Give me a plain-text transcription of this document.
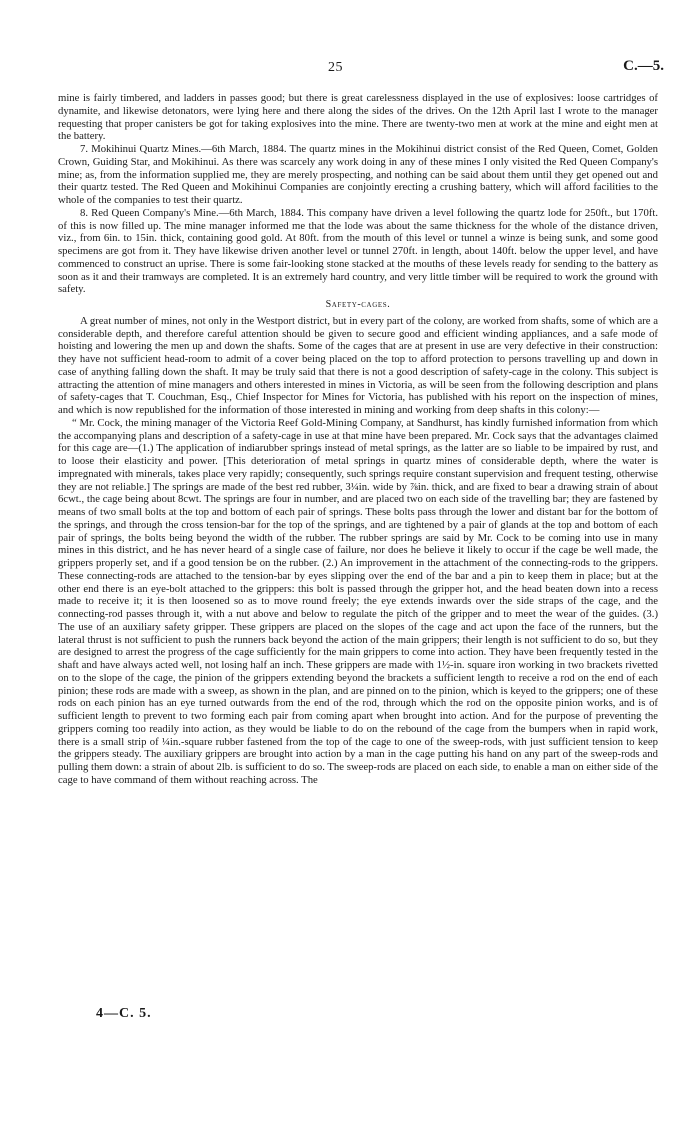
25	C.—5.

mine is fairly timbered, and ladders in passes good; but there is great carelessness displayed in the use of explosives: loose cartridges of dynamite, and likewise detonators, were lying here and there along the sides of the drives. On the 12th April last I wrote to the manager requesting that proper canisters be got for taking explosives into the mine. There are twenty-two men at work at the mine and eight men at the battery.

7. Mokihinui Quartz Mines.—6th March, 1884. The quartz mines in the Mokihinui district consist of the Red Queen, Comet, Golden Crown, Guiding Star, and Mokihinui. As there was scarcely any work doing in any of these mines I only visited the Red Queen Company's mine; as, from the information supplied me, they are merely prospecting, and nothing can be said about them until they get opened out and their quartz tested. The Red Queen and Mokihinui Companies are conjointly erecting a crushing battery, which will afford facilities to the whole of the companies to test their quartz.

8. Red Queen Company's Mine.—6th March, 1884. This company have driven a level following the quartz lode for 250ft., but 170ft. of this is now filled up. The mine manager informed me that the lode was about the same thickness for the whole of the distance driven, viz., from 6in. to 15in. thick, containing good gold. At 80ft. from the mouth of this level or tunnel a winze is being sunk, and some good specimens are got from it. They have likewise driven another level or tunnel 270ft. in length, about 140ft. below the upper level, and have commenced to construct an uprise. There is some fair-looking stone stacked at the mouths of these levels ready for sending to the battery as soon as it and their tramways are completed. It is an extremely hard country, and very little timber will be required to work the ground with safety.

Safety-cages.

A great number of mines, not only in the Westport district, but in every part of the colony, are worked from shafts, some of which are a considerable depth, and therefore careful attention should be given to secure good and efficient winding appliances, and a safe mode of hoisting and lowering the men up and down the shafts. Some of the cages that are at present in use are very defective in their construction: they have not sufficient head-room to admit of a cover being placed on the top to afford protection to persons travelling up and down in case of anything falling down the shaft. It may be truly said that there is not a good description of safety-cage in the colony. This subject is attracting the attention of mine managers and others interested in mines in Victoria, as will be seen from the following description and plans of safety-cages that T. Couchman, Esq., Chief Inspector for Mines for Victoria, has published with his report on the inspection of mines, and which is now republished for the information of those interested in mining and working from deep shafts in this colony:—

“ Mr. Cock, the mining manager of the Victoria Reef Gold-Mining Company, at Sandhurst, has kindly furnished information from which the accompanying plans and description of a safety-cage in use at that mine have been prepared. Mr. Cock says that the advantages claimed for this cage are—(1.) The application of indiarubber springs instead of metal springs, as the latter are so liable to be impaired by rust, and to loose their elasticity and power. [This deterioration of metal springs in quartz mines of considerable depth, where the water is impregnated with minerals, takes place very rapidly; consequently, such springs require constant supervision and frequent testing, otherwise they are not reliable.] The springs are made of the best red rubber, 3¼in. wide by ⅞in. thick, and are fixed to bear a drawing strain of about 6cwt., the cage being about 8cwt. The springs are four in number, and are placed two on each side of the travelling bar; they are fastened by means of two small bolts at the top and bottom of each pair of springs. These bolts pass through the lower and distant bar for the bottom of the springs, and through the cross tension-bar for the top of the springs, and are tightened by a pair of glands at the top and bottom of each pair of springs, the bolts being beyond the width of the rubber. The rubber springs are said by Mr. Cock to be coming into use in many mines in this district, and he has never heard of a single case of failure, nor does he believe it likely to occur if the cage be well made, the grippers properly set, and if a good tension be on the rubber. (2.) An improvement in the attachment of the connecting-rods to the grippers. These connecting-rods are attached to the tension-bar by eyes slipping over the end of the bar and a pin to keep them in place; but at the other end there is an eye-bolt attached to the grippers: this bolt is passed through the gripper hot, and the head beaten down into a recess made to receive it; it is then loosened so as to move round freely; the eye extends inwards over the side straps of the cage, and the connecting-rod passes through it, with a nut above and below to regulate the pitch of the gripper and to meet the wear of the guides. (3.) The use of an auxiliary safety gripper. These grippers are placed on the slopes of the cage and act upon the face of the runners, but the lateral thrust is not sufficient to push the runners back beyond the action of the main grippers; their length is not sufficient to do so, but they are designed to arrest the progress of the cage sufficiently for the main grippers to come into action. They have been frequently tested in the shaft and have always acted well, not losing half an inch. These grippers are made with 1½-in. square iron working in two brackets rivetted on to the slope of the cage, the pinion of the grippers extending beyond the brackets a sufficient length to receive a rod on the end of each pinion; these rods are made with a sweep, as shown in the plan, and are pinned on to the pinion, which is keyed to the grippers; one of these rods on each pinion has an eye turned outwards from the end of the rod, through which the rod on the opposite pinion works, and is of sufficient length to prevent to two forming each pair from coming apart when brought into action. And for the purpose of preventing the grippers coming too readily into action, as they would be liable to do on the rebound of the cage from the bumpers when in rapid work, there is a small strip of ¼in.-square rubber fastened from the top of the cage to one of the sweep-rods, with just sufficient tension to keep the grippers steady. The auxiliary grippers are brought into action by a man in the cage putting his hand on any part of the sweep-rods and pulling them down: a strain of about 2lb. is sufficient to do so. The sweep-rods are placed on each side, to enable a man on either side of the cage to have command of them without reaching across. The

4—C. 5.
